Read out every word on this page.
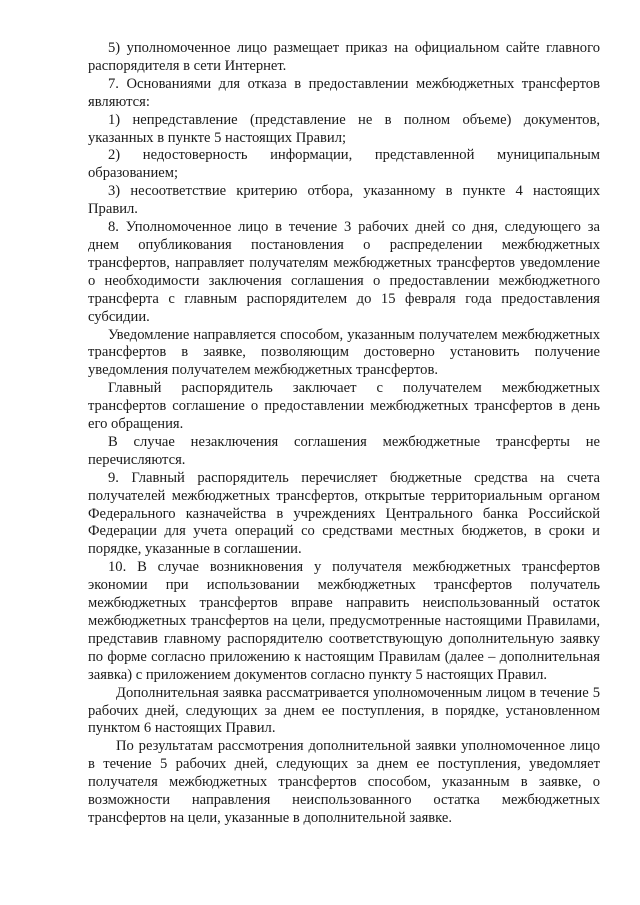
5) уполномоченное лицо размещает приказ на официальном сайте главного распорядителя в сети Интернет.

7. Основаниями для отказа в предоставлении межбюджетных трансфертов являются:

1) непредставление (представление не в полном объеме) документов, указанных в пункте 5 настоящих Правил;

2) недостоверность информации, представленной муниципальным образованием;

3) несоответствие критерию отбора, указанному в пункте 4 настоящих Правил.

8. Уполномоченное лицо в течение 3 рабочих дней со дня, следующего за днем опубликования постановления о распределении межбюджетных трансфертов, направляет получателям межбюджетных трансфертов уведомление о необходимости заключения соглашения о предоставлении межбюджетного трансферта с главным распорядителем до 15 февраля года предоставления субсидии.

Уведомление направляется способом, указанным получателем межбюджетных трансфертов в заявке, позволяющим достоверно установить получение уведомления получателем межбюджетных трансфертов.

Главный распорядитель заключает с получателем межбюджетных трансфертов соглашение о предоставлении межбюджетных трансфертов в день его обращения.

В случае незаключения соглашения межбюджетные трансферты не перечисляются.

9. Главный распорядитель перечисляет бюджетные средства на счета получателей межбюджетных трансфертов, открытые территориальным органом Федерального казначейства в учреждениях Центрального банка Российской Федерации для учета операций со средствами местных бюджетов, в сроки и порядке, указанные в соглашении.

10. В случае возникновения у получателя межбюджетных трансфертов экономии при использовании межбюджетных трансфертов получатель межбюджетных трансфертов вправе направить неиспользованный остаток межбюджетных трансфертов на цели, предусмотренные настоящими Правилами, представив главному распорядителю соответствующую дополнительную заявку по форме согласно приложению к настоящим Правилам (далее – дополнительная заявка) с приложением документов согласно пункту 5 настоящих Правил.

Дополнительная заявка рассматривается уполномоченным лицом в течение 5 рабочих дней, следующих за днем ее поступления, в порядке, установленном пунктом 6 настоящих Правил.

По результатам рассмотрения дополнительной заявки уполномоченное лицо в течение 5 рабочих дней, следующих за днем ее поступления, уведомляет получателя межбюджетных трансфертов способом, указанным в заявке, о возможности направления неиспользованного остатка межбюджетных трансфертов на цели, указанные в дополнительной заявке.
